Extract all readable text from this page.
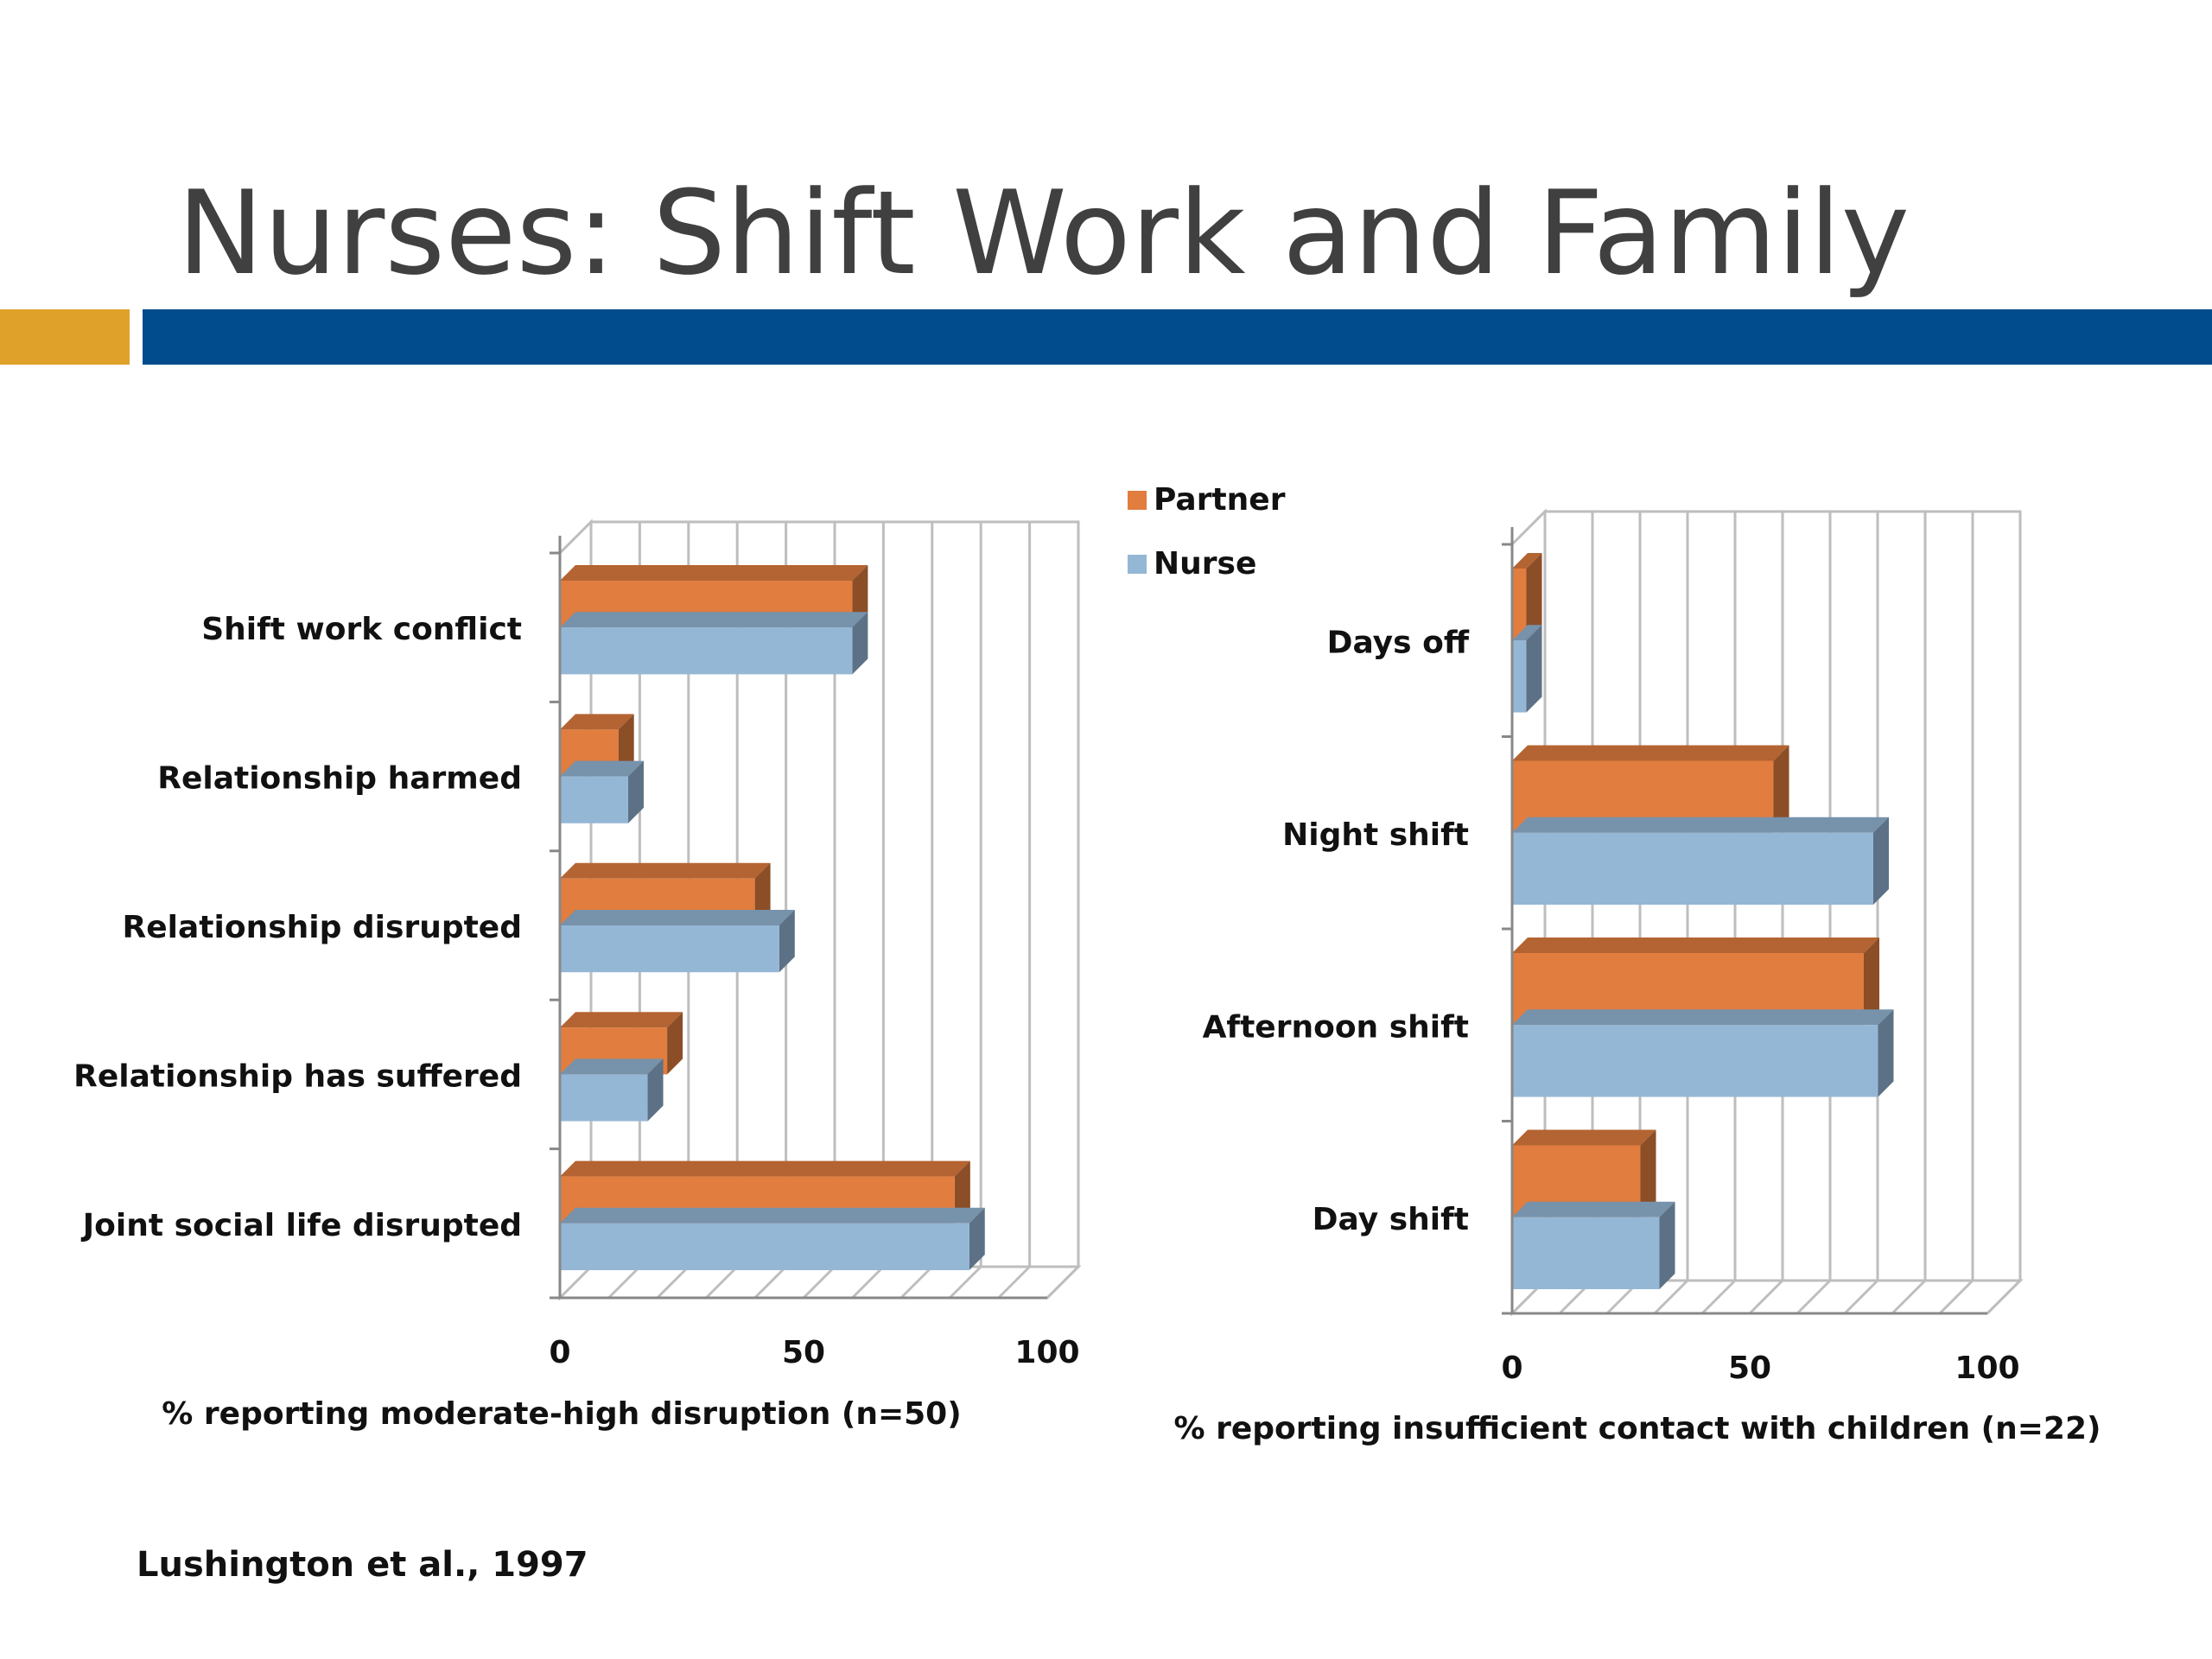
Nurses: Shift Work and Family
Shift work conflict
Relationship harmed
Relationship disrupted
Relationship has suffered
Joint social life disrupted
0	50	100
% reporting moderate-high disruption (n=50)
Days off
Night shift
Afternoon shift
Day shift
0	50	100
% reporting insufficient contact with children (n=22)
Partner
Nurse

Lushington et al., 1997
